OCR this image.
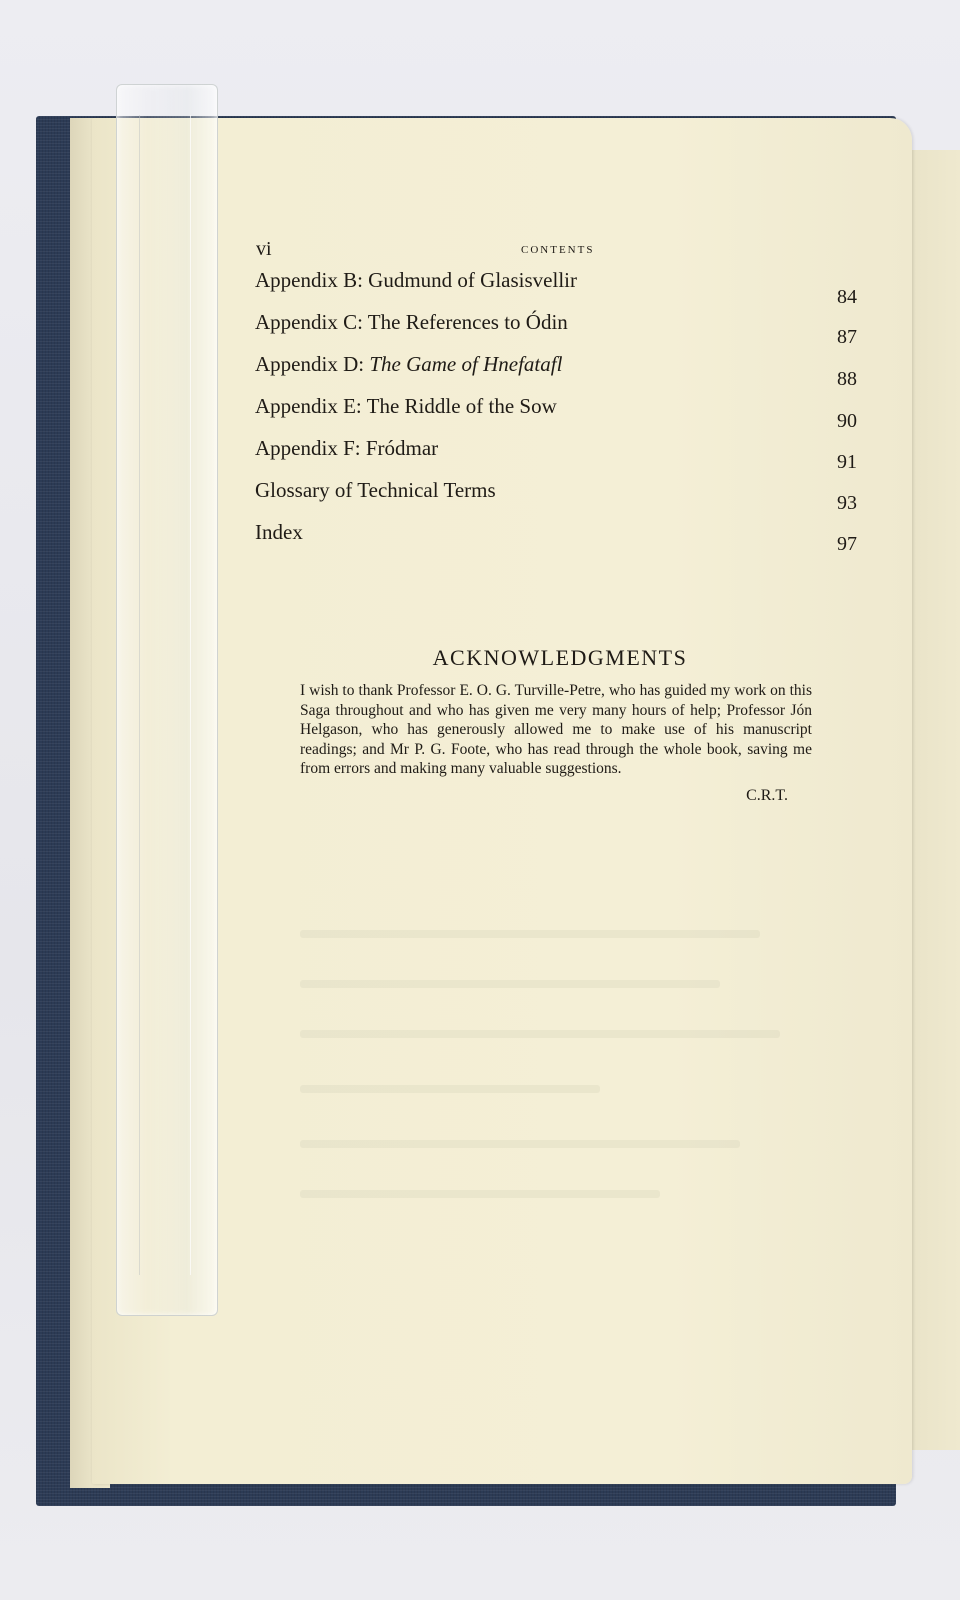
vi	contents
Appendix B: Gudmund of Glasisvellir
84
Appendix C: The References to Ódin
87
Appendix D: The Game of Hnefatafl
88
Appendix E: The Riddle of the Sow
90
Appendix F: Fródmar
91
Glossary of Technical Terms
93
Index	97
ACKNOWLEDGMENTS
I wish to thank Professor E. O. G. Turville-Petre, who has guided my work on this Saga throughout and who has given me very many hours of help; Professor Jón Helgason, who has generously allowed me to make use of his manuscript readings; and Mr P. G. Foote, who has read through the whole book, saving me from errors and making many valuable suggestions.
C.R.T.
